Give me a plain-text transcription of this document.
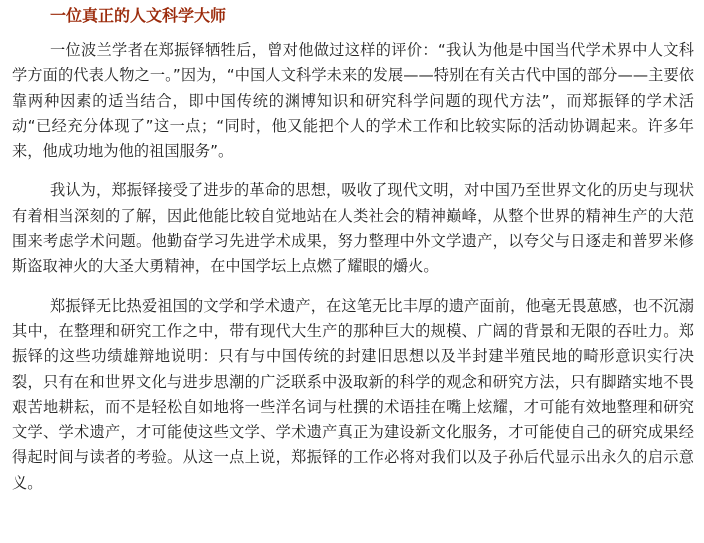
一位真正的人文科学大师

一位波兰学者在郑振铎牺牲后，曾对他做过这样的评价：“我认为他是中国当代学术界中人文科学方面的代表人物之一。”因为，“中国人文科学未来的发展——特别在有关古代中国的部分——主要依靠两种因素的适当结合，即中国传统的渊博知识和研究科学问题的现代方法”，而郑振铎的学术活动“已经充分体现了”这一点；“同时，他又能把个人的学术工作和比较实际的活动协调起来。许多年来，他成功地为他的祖国服务”。

我认为，郑振铎接受了进步的革命的思想，吸收了现代文明，对中国乃至世界文化的历史与现状有着相当深刻的了解，因此他能比较自觉地站在人类社会的精神巅峰，从整个世界的精神生产的大范围来考虑学术问题。他勤奋学习先进学术成果，努力整理中外文学遗产，以夸父与日逐走和普罗米修斯盗取神火的大圣大勇精神，在中国学坛上点燃了耀眼的爝火。

郑振铎无比热爱祖国的文学和学术遗产，在这笔无比丰厚的遗产面前，他毫无畏葸感，也不沉溺其中，在整理和研究工作之中，带有现代大生产的那种巨大的规模、广阔的背景和无限的吞吐力。郑振铎的这些功绩雄辩地说明：只有与中国传统的封建旧思想以及半封建半殖民地的畸形意识实行决裂，只有在和世界文化与进步思潮的广泛联系中汲取新的科学的观念和研究方法，只有脚踏实地不畏艰苦地耕耘，而不是轻松自如地将一些洋名词与杜撰的术语挂在嘴上炫耀，才可能有效地整理和研究文学、学术遗产，才可能使这些文学、学术遗产真正为建设新文化服务，才可能使自己的研究成果经得起时间与读者的考验。从这一点上说，郑振铎的工作必将对我们以及子孙后代显示出永久的启示意义。
